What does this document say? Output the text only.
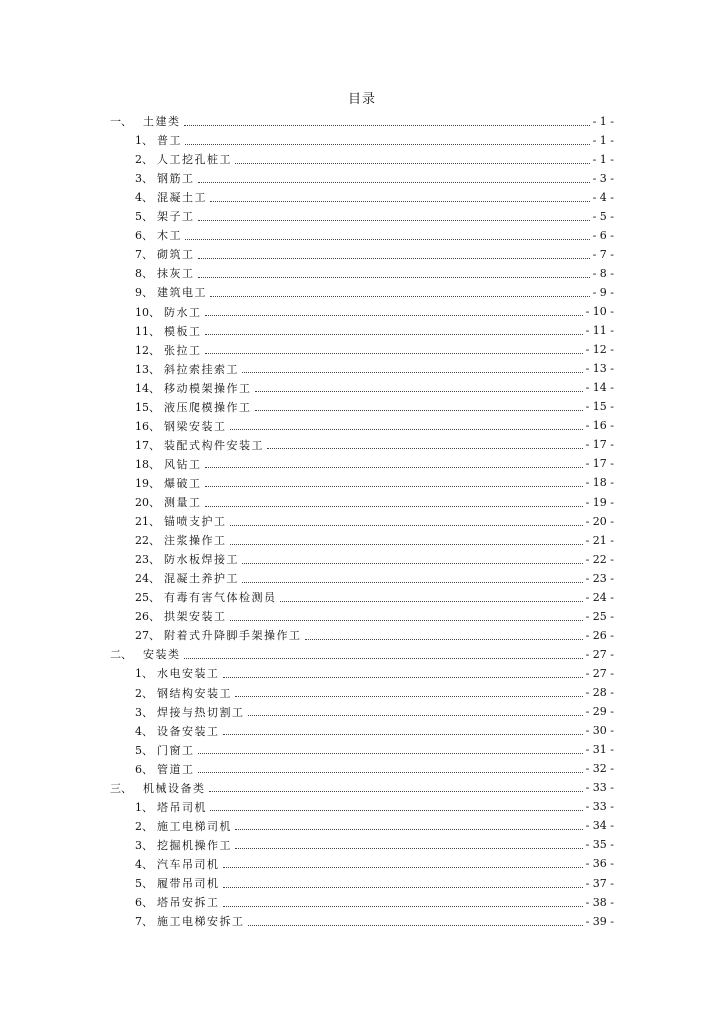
目录
一、	土建类	- 1 -
1、 普工	- 1 -
2、 人工挖孔桩工	- 1 -
3、 钢筋工	- 3 -
4、 混凝土工	- 4 -
5、 架子工	- 5 -
6、 木工	- 6 -
7、 砌筑工	- 7 -
8、 抹灰工	- 8 -
9、 建筑电工	- 9 -
10、 防水工	- 10 -
11、 模板工	- 11 -
12、 张拉工	- 12 -
13、 斜拉索挂索工	- 13 -
14、 移动模架操作工	- 14 -
15、 液压爬模操作工	- 15 -
16、 钢梁安装工	- 16 -
17、 装配式构件安装工	- 17 -
18、 风钻工	- 17 -
19、 爆破工	- 18 -
20、 测量工	- 19 -
21、 锚喷支护工	- 20 -
22、 注浆操作工	- 21 -
23、 防水板焊接工	- 22 -
24、 混凝土养护工	- 23 -
25、 有毒有害气体检测员	- 24 -
26、 拱架安装工	- 25 -
27、 附着式升降脚手架操作工	- 26 -
二、	安装类	- 27 -
1、 水电安装工	- 27 -
2、 钢结构安装工	- 28 -
3、 焊接与热切割工	- 29 -
4、 设备安装工	- 30 -
5、 门窗工	- 31 -
6、 管道工	- 32 -
三、	机械设备类	- 33 -
1、 塔吊司机	- 33 -
2、 施工电梯司机	- 34 -
3、 挖掘机操作工	- 35 -
4、 汽车吊司机	- 36 -
5、 履带吊司机	- 37 -
6、 塔吊安拆工	- 38 -
7、 施工电梯安拆工	- 39 -
